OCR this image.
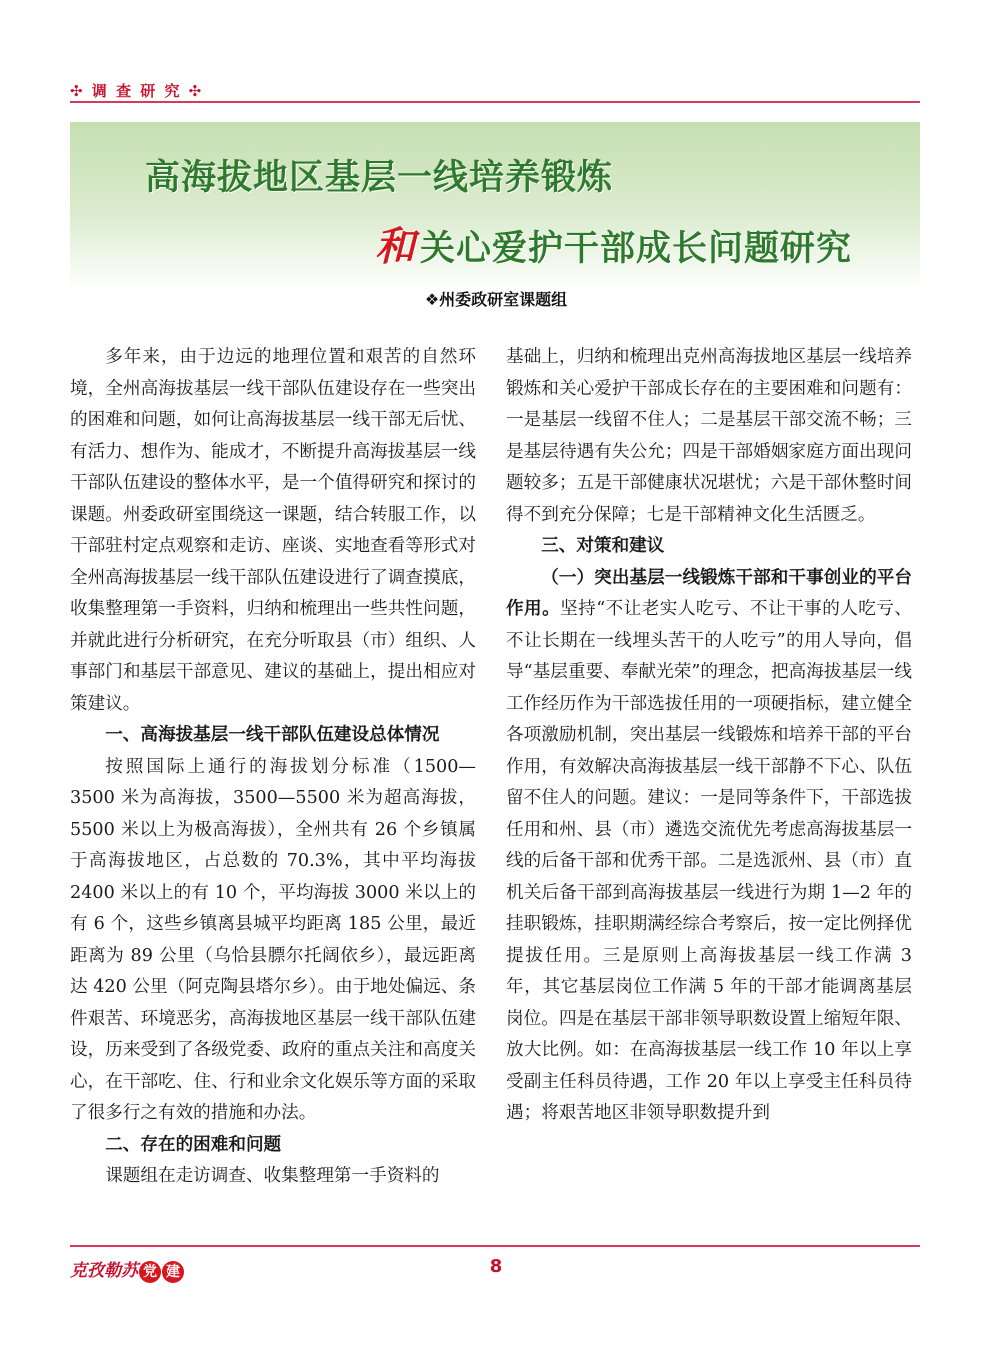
✣ 调 查 研 究 ✣
高海拔地区基层一线培养锻炼
和 关心爱护干部成长问题研究
❖州委政研室课题组

多年来，由于边远的地理位置和艰苦的自然环境，全州高海拔基层一线干部队伍建设存在一些突出的困难和问题，如何让高海拔基层一线干部无后忧、有活力、想作为、能成才，不断提升高海拔基层一线干部队伍建设的整体水平，是一个值得研究和探讨的课题。州委政研室围绕这一课题，结合转服工作，以干部驻村定点观察和走访、座谈、实地查看等形式对全州高海拔基层一线干部队伍建设进行了调查摸底，收集整理第一手资料，归纳和梳理出一些共性问题，并就此进行分析研究，在充分听取县（市）组织、人事部门和基层干部意见、建议的基础上，提出相应对策建议。

一、高海拔基层一线干部队伍建设总体情况

按照国际上通行的海拔划分标准（1500—3500 米为高海拔，3500—5500 米为超高海拔，5500 米以上为极高海拔），全州共有 26 个乡镇属于高海拔地区，占总数的 70.3%，其中平均海拔 2400 米以上的有 10 个，平均海拔 3000 米以上的有 6 个，这些乡镇离县城平均距离 185 公里，最近距离为 89 公里（乌恰县膘尔托阔依乡），最远距离达 420 公里（阿克陶县塔尔乡）。由于地处偏远、条件艰苦、环境恶劣，高海拔地区基层一线干部队伍建设，历来受到了各级党委、政府的重点关注和高度关心，在干部吃、住、行和业余文化娱乐等方面的采取了很多行之有效的措施和办法。

二、存在的困难和问题

课题组在走访调查、收集整理第一手资料的

基础上，归纳和梳理出克州高海拔地区基层一线培养锻炼和关心爱护干部成长存在的主要困难和问题有：一是基层一线留不住人；二是基层干部交流不畅；三是基层待遇有失公允；四是干部婚姻家庭方面出现问题较多；五是干部健康状况堪忧；六是干部休整时间得不到充分保障；七是干部精神文化生活匮乏。

三、对策和建议

（一）突出基层一线锻炼干部和干事创业的平台作用。坚持“不让老实人吃亏、不让干事的人吃亏、不让长期在一线埋头苦干的人吃亏”的用人导向，倡导“基层重要、奉献光荣”的理念，把高海拔基层一线工作经历作为干部选拔任用的一项硬指标，建立健全各项激励机制，突出基层一线锻炼和培养干部的平台作用，有效解决高海拔基层一线干部静不下心、队伍留不住人的问题。建议：一是同等条件下，干部选拔任用和州、县（市）遴选交流优先考虑高海拔基层一线的后备干部和优秀干部。二是选派州、县（市）直机关后备干部到高海拔基层一线进行为期 1—2 年的挂职锻炼，挂职期满经综合考察后，按一定比例择优提拔任用。三是原则上高海拔基层一线工作满 3 年，其它基层岗位工作满 5 年的干部才能调离基层岗位。四是在基层干部非领导职数设置上缩短年限、放大比例。如：在高海拔基层一线工作 10 年以上享受副主任科员待遇，工作 20 年以上享受主任科员待遇；将艰苦地区非领导职数提升到

克孜勒苏 党 建	8
